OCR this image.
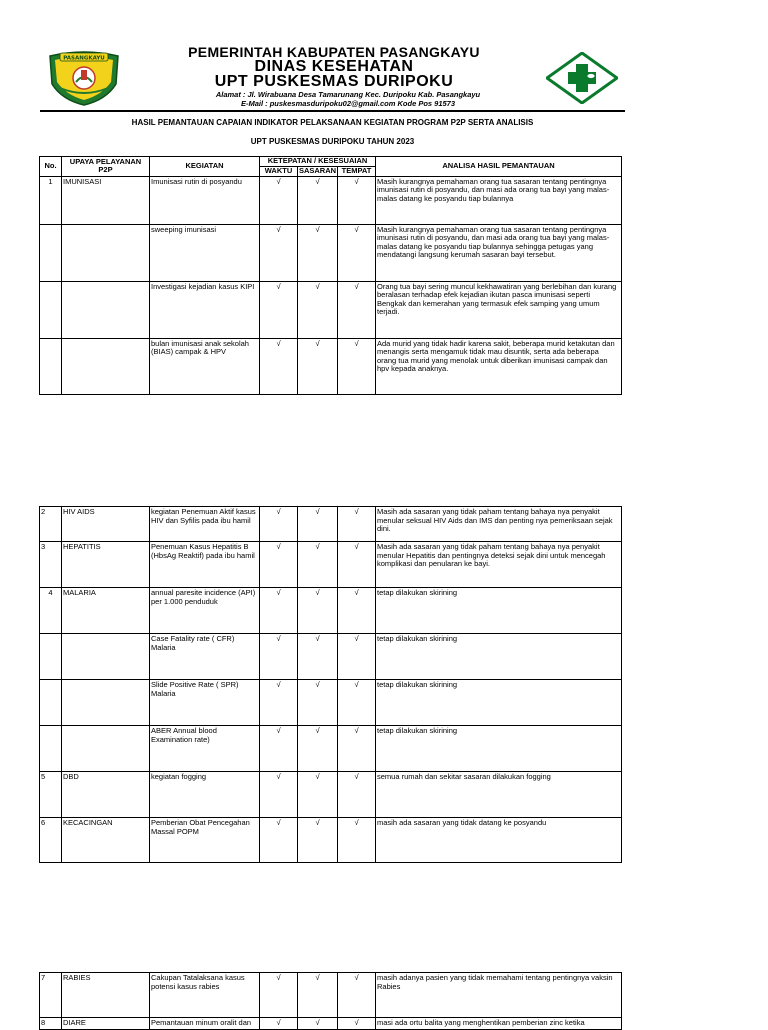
PASANGKAYU	PEMERINTAH KABUPATEN PASANGKAYU
DINAS KESEHATAN
UPT PUSKESMAS DURIPOKU
Alamat : Jl. Wirabuana Desa Tamarunang Kec. Duripoku Kab. Pasangkayu
E-Mail : puskesmasduripoku02@gmail.com Kode Pos 91573
HASIL PEMANTAUAN CAPAIAN INDIKATOR PELAKSANAAN KEGIATAN PROGRAM P2P SERTA ANALISIS
UPT PUSKESMAS DURIPOKU TAHUN 2023
No.	UPAYA PELAYANAN P2P	KEGIATAN	KETEPATAN / KESESUAIAN			ANALISA HASIL PEMANTAUAN
			WAKTU	SASARAN	TEMPAT	
1	IMUNISASI	Imunisasi rutin di posyandu	√	√	√	Masih kurangnya pemahaman orang tua sasaran tentang pentingnya imunisasi rutin di posyandu, dan masi ada orang tua bayi yang malas-malas datang ke posyandu tiap bulannya
		sweeping imunisasi	√	√	√	Masih kurangnya pemahaman orang tua sasaran tentang pentingnya imunisasi rutin di posyandu, dan masi ada orang tua bayi yang malas-malas datang ke posyandu tiap bulannya sehingga petugas yang mendatangi langsung kerumah sasaran bayi tersebut.
		Investigasi kejadian kasus KIPI	√	√	√	Orang tua bayi sering muncul kekhawatiran yang berlebihan dan kurang beralasan terhadap efek kejadian ikutan pasca imunisasi seperti Bengkak dan kemerahan yang termasuk efek samping yang umum terjadi.
		bulan imunisasi anak sekolah (BIAS) campak & HPV	√	√	√	Ada murid yang tidak hadir karena sakit, beberapa murid ketakutan dan menangis serta mengamuk tidak mau disuntik, serta ada beberapa orang tua murid yang menolak untuk diberikan imunisasi campak dan hpv kepada anaknya.
2	HIV AIDS	kegiatan Penemuan Aktif kasus HIV dan Syfilis pada ibu hamil	√	√	√	Masih ada sasaran yang tidak paham tentang bahaya nya penyakit menular seksual HIV Aids dan IMS dan penting nya pemeriksaan sejak dini.
3	HEPATITIS	Penemuan Kasus Hepatitis B (HbsAg Reaktif) pada ibu hamil	√	√	√	Masih ada sasaran yang tidak paham tentang bahaya nya penyakit menular Hepatitis dan pentingnya deteksi sejak dini untuk mencegah komplikasi dan penularan ke bayi.
4	MALARIA	annual paresite incidence (API) per 1.000 penduduk	√	√	√	tetap dilakukan skirining
		Case Fatality rate ( CFR) Malaria	√	√	√	tetap dilakukan skirining
		Slide Positive Rate ( SPR) Malaria	√	√	√	tetap dilakukan skirining
		ABER Annual blood Examination rate)	√	√	√	tetap dilakukan skirining
5	DBD	kegiatan fogging	√	√	√	semua rumah dan sekitar sasaran dilakukan fogging
6	KECACINGAN	Pemberian Obat Pencegahan Massal POPM	√	√	√	masih ada sasaran yang tidak datang ke posyandu
7	RABIES	Cakupan Tatalaksana kasus potensi kasus rabies	√	√	√	masih adanya pasien yang tidak memahami tentang pentingnya vaksin Rabies
8	DIARE	Pemantauan minum oralit dan	√	√	√	masi ada ortu balita yang menghentikan pemberian zinc ketika
